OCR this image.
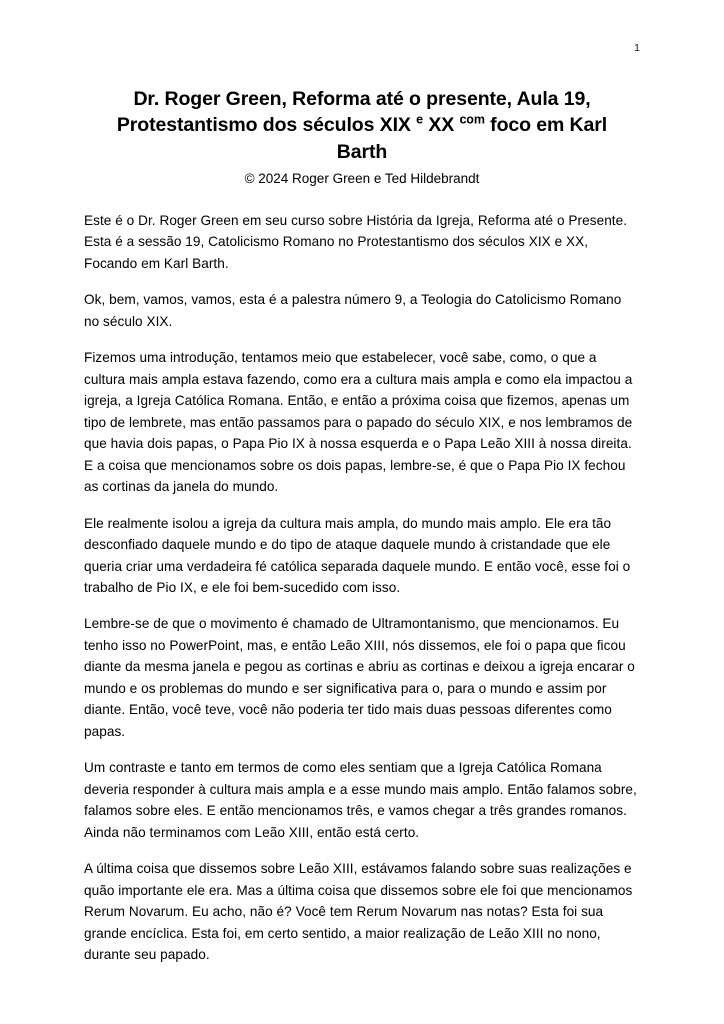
1
Dr. Roger Green, Reforma até o presente, Aula 19,
Protestantismo dos séculos XIX $^e$ XX $^{com}$ foco em Karl
Barth
© 2024 Roger Green e Ted Hildebrandt

Este é o Dr. Roger Green em seu curso sobre História da Igreja, Reforma até o Presente. Esta é a sessão 19, Catolicismo Romano no Protestantismo dos séculos XIX e XX, Focando em Karl Barth.

Ok, bem, vamos, vamos, esta é a palestra número 9, a Teologia do Catolicismo Romano no século XIX.

Fizemos uma introdução, tentamos meio que estabelecer, você sabe, como, o que a cultura mais ampla estava fazendo, como era a cultura mais ampla e como ela impactou a igreja, a Igreja Católica Romana. Então, e então a próxima coisa que fizemos, apenas um tipo de lembrete, mas então passamos para o papado do século XIX, e nos lembramos de que havia dois papas, o Papa Pio IX à nossa esquerda e o Papa Leão XIII à nossa direita. E a coisa que mencionamos sobre os dois papas, lembre-se, é que o Papa Pio IX fechou as cortinas da janela do mundo.

Ele realmente isolou a igreja da cultura mais ampla, do mundo mais amplo. Ele era tão desconfiado daquele mundo e do tipo de ataque daquele mundo à cristandade que ele queria criar uma verdadeira fé católica separada daquele mundo. E então você, esse foi o trabalho de Pio IX, e ele foi bem-sucedido com isso.

Lembre-se de que o movimento é chamado de Ultramontanismo, que mencionamos. Eu tenho isso no PowerPoint, mas, e então Leão XIII, nós dissemos, ele foi o papa que ficou diante da mesma janela e pegou as cortinas e abriu as cortinas e deixou a igreja encarar o mundo e os problemas do mundo e ser significativa para o, para o mundo e assim por diante. Então, você teve, você não poderia ter tido mais duas pessoas diferentes como papas.

Um contraste e tanto em termos de como eles sentiam que a Igreja Católica Romana deveria responder à cultura mais ampla e a esse mundo mais amplo. Então falamos sobre, falamos sobre eles. E então mencionamos três, e vamos chegar a três grandes romanos. Ainda não terminamos com Leão XIII, então está certo.

A última coisa que dissemos sobre Leão XIII, estávamos falando sobre suas realizações e quão importante ele era. Mas a última coisa que dissemos sobre ele foi que mencionamos Rerum Novarum. Eu acho, não é? Você tem Rerum Novarum nas notas? Esta foi sua grande encíclica. Esta foi, em certo sentido, a maior realização de Leão XIII no nono, durante seu papado.
